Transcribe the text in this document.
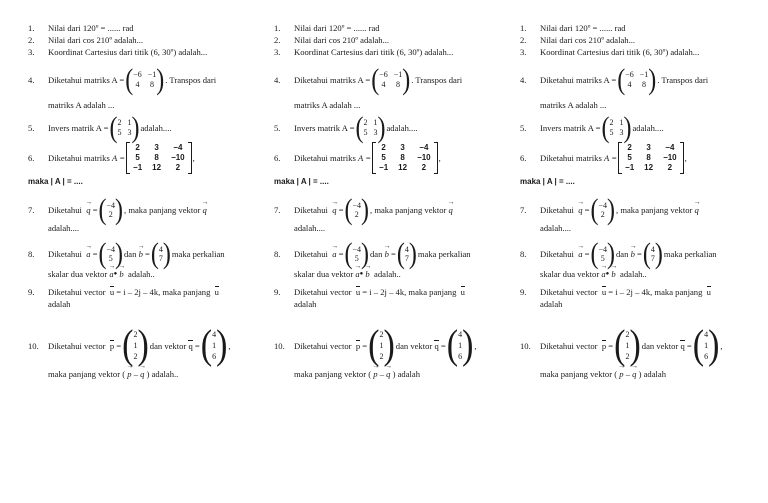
1.	Nilai dari 120º = ...... rad
2.	Nilai dari cos 210º adalah...
3.	Koordinat Cartesius dari titik (6, 30º) adalah...
4.	Diketahui matriks A = ( −6 −1
4 8 ) . Transpos dari
matriks A adalah ...
5.	Invers matrik A = ( 2 1
5 3 ) adalah....
6.	Diketahui matriks
A =
2 3 −4
5 8 −10
−1 12	2
,
maka | A | = ....
7.	Diketahui
→ q
= ( −4
2 ) , maka panjang vektor
→ q
adalah....
8.	Diketahui
→ a = ( −4
5 ) dan
→ b = ( 4
7 ) maka perkalian
skalar dua vektor
→ a ●
→ b
adalah..
9.	Diketahui vector
u
= i – 2j – 4k, maka panjang
u
adalah
10.	Diketahui vector
p = ( 2
1
2 ) dan vektor
q = ( 4
1
6 ) ,
maka panjang vektor (
→ p
–
→ q
) adalah..
1.	Nilai dari 120º = ...... rad
2.	Nilai dari cos 210º adalah...
3.	Koordinat Cartesius dari titik (6, 30º) adalah...
4.	Diketahui matriks A = ( −6 −1
4 8 ) . Transpos dari
matriks A adalah ...
5.	Invers matrik A = ( 2 1
5 3 ) adalah....
6.	Diketahui matriks
A =
2 3 −4
5 8 −10
−1 12	2
,
maka | A | = ....
7.	Diketahui
→ q
= ( −4
2 ) , maka panjang vektor
→ q
adalah....
8.	Diketahui
→ a = ( −4
5 ) dan
→ b = ( 4
7 ) maka perkalian
skalar dua vektor
→ a ●
→ b
adalah..
9.	Diketahui vector
u
= i – 2j – 4k, maka panjang
u
adalah
10.	Diketahui vector
p = ( 2
1
2 ) dan vektor
q = ( 4
1
6 ) ,
maka panjang vektor (
→ p
–
→ q
) adalah
1.	Nilai dari 120º = ...... rad
2.	Nilai dari cos 210º adalah...
3.	Koordinat Cartesius dari titik (6, 30º) adalah...
4.	Diketahui matriks A = ( −6 −1
4 8 ) . Transpos dari
matriks A adalah ...
5.	Invers matrik A = ( 2 1
5 3 ) adalah....
6.	Diketahui matriks
A =
2 3 −4
5 8 −10
−1 12	2
,
maka | A | = ....
7.	Diketahui
→ q
= ( −4
2 ) , maka panjang vektor
→ q
adalah....
8.	Diketahui
→ a = ( −4
5 ) dan
→ b = ( 4
7 ) maka perkalian
skalar dua vektor
→ a ●
→ b
adalah..
9.	Diketahui vector
u
= i – 2j – 4k, maka panjang
u
adalah
10.	Diketahui vector
p = ( 2
1
2 ) dan vektor
q = ( 4
1
6 ) ,
maka panjang vektor (
→ p
–
→ q
) adalah
